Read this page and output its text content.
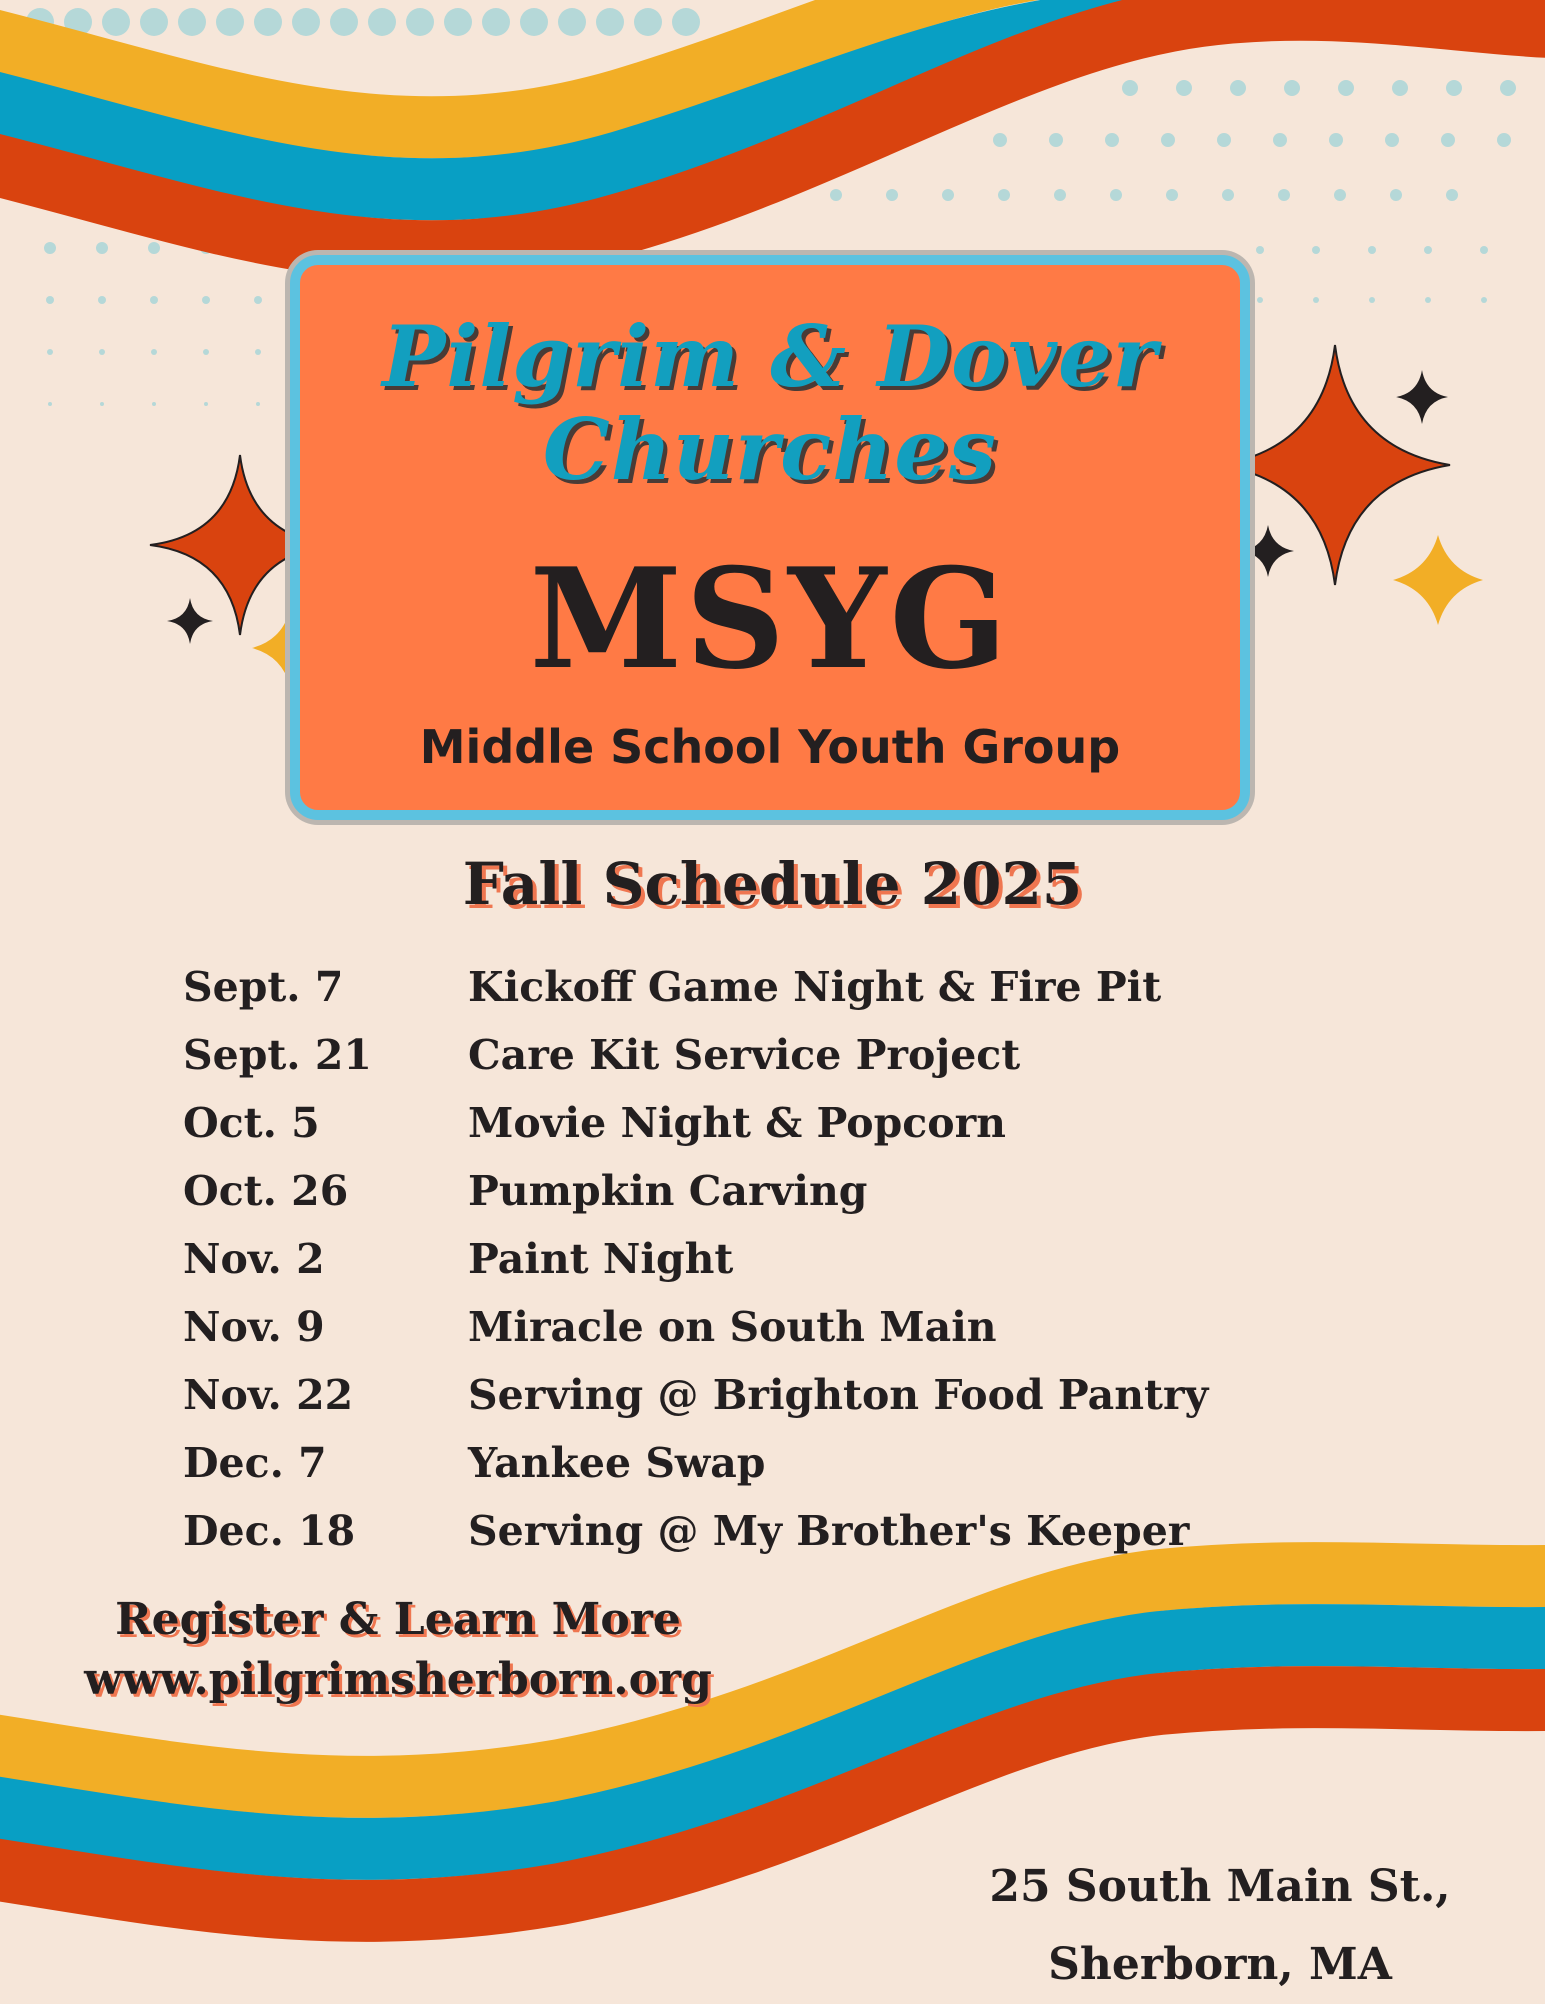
Pilgrim & Dover
Churches
MSYG
Middle School Youth Group
Fall Schedule 2025
Sept. 7	Kickoff Game Night & Fire Pit
Sept. 21 Care Kit Service Project
Oct. 5	Movie Night & Popcorn
Oct. 26	Pumpkin Carving
Nov. 2	Paint Night
Nov. 9	Miracle on South Main
Nov. 22	Serving @ Brighton Food Pantry
Dec. 7	Yankee Swap
Dec. 18	Serving @ My Brother's Keeper
Register & Learn More
www.pilgrimsherborn.org
25 South Main St.,
Sherborn, MA
